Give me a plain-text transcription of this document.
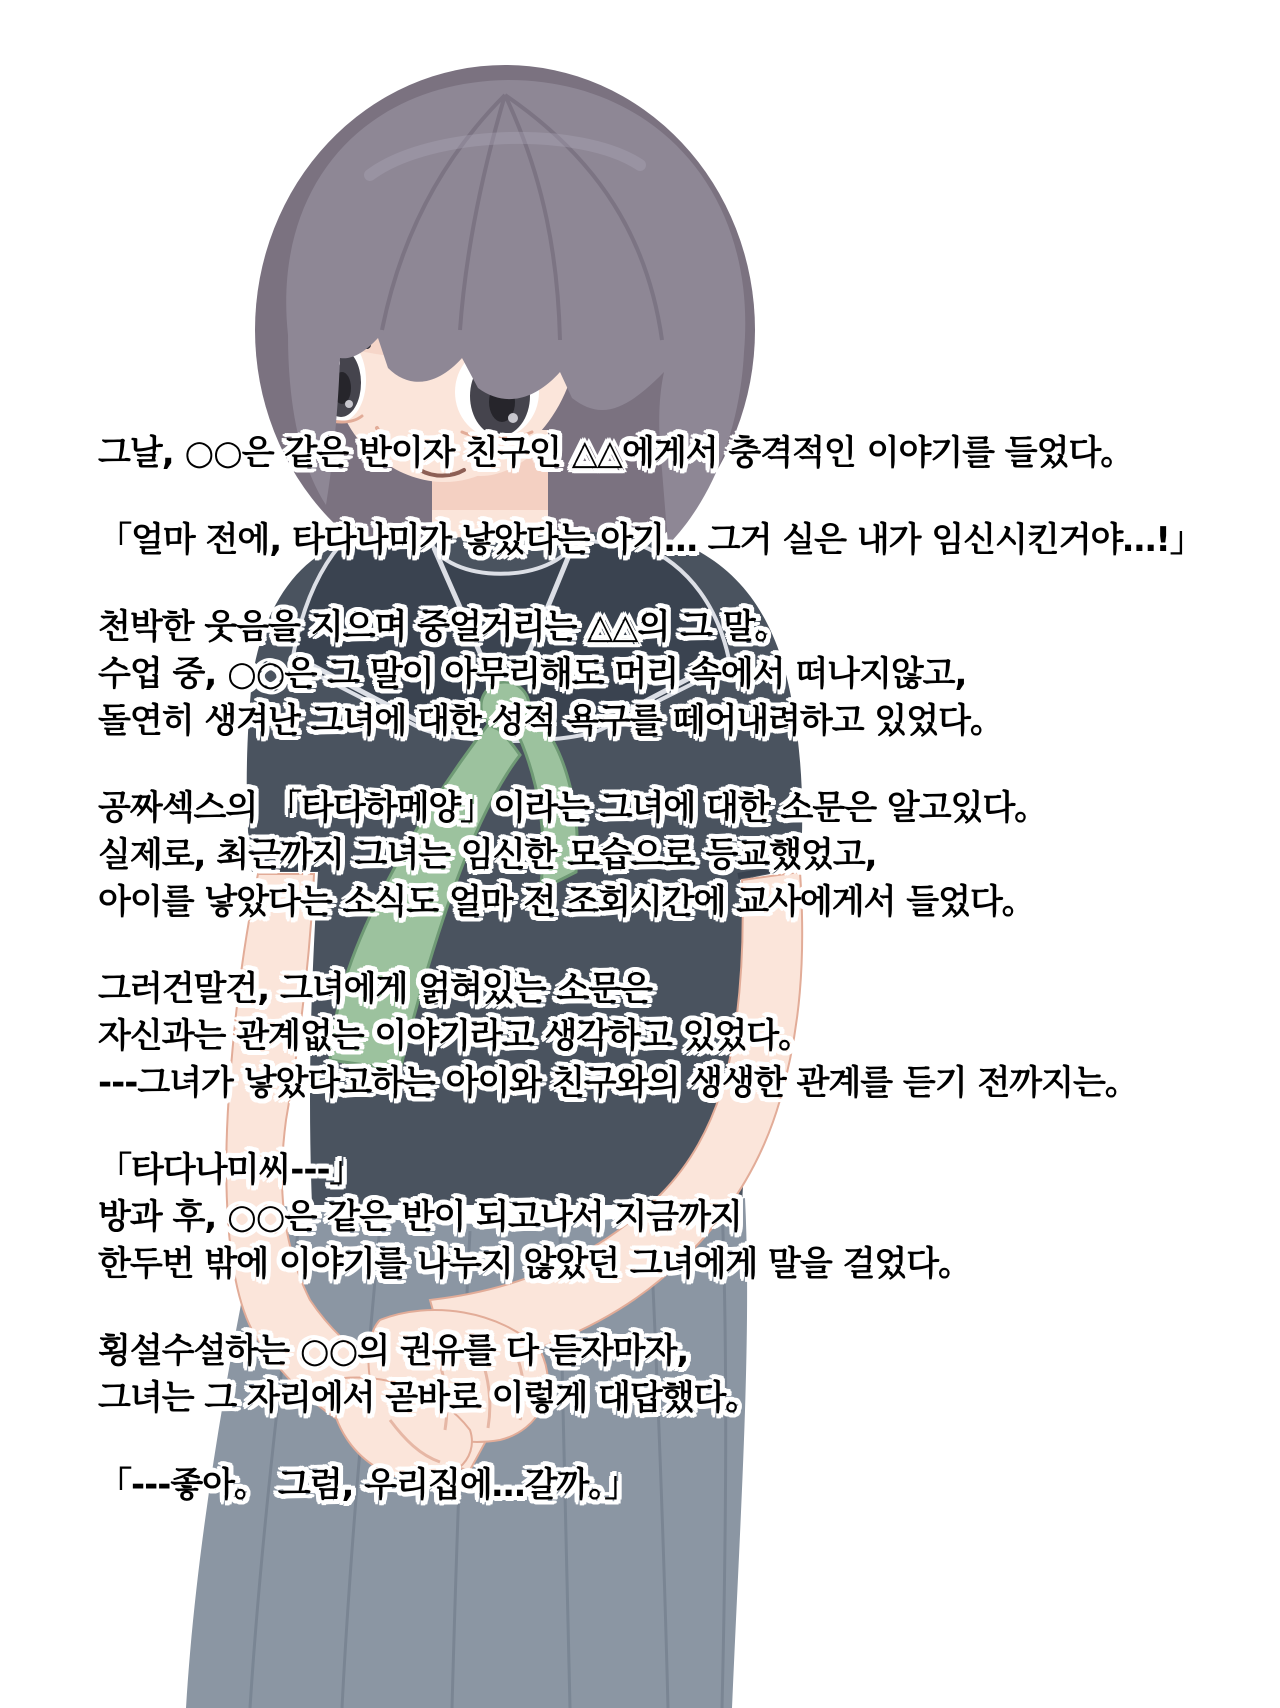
그날, ○○은 같은 반이자 친구인 △△에게서 충격적인 이야기를 들었다。
「얼마 전에, 타다나미가 낳았다는 아기… 그거 실은 내가 임신시킨거야…!」
천박한 웃음을 지으며 중얼거리는 △△의 그 말。
수업 중, ○○은 그 말이 아무리해도 머리 속에서 떠나지않고,
돌연히 생겨난 그녀에 대한 성적 욕구를 떼어내려하고 있었다。
공짜섹스의 「타다하메양」이라는 그녀에 대한 소문은 알고있다。
실제로, 최근까지 그녀는 임신한 모습으로 등교했었고,
아이를 낳았다는 소식도 얼마 전 조회시간에 교사에게서 들었다。
그러건말건, 그녀에게 얽혀있는 소문은
자신과는 관계없는 이야기라고 생각하고 있었다。
---그녀가 낳았다고하는 아이와 친구와의 생생한 관계를 듣기 전까지는。
「타다나미씨---」
방과 후, ○○은 같은 반이 되고나서 지금까지
한두번 밖에 이야기를 나누지 않았던 그녀에게 말을 걸었다。
횡설수설하는 ○○의 권유를 다 듣자마자,
그녀는 그 자리에서 곧바로 이렇게 대답했다。
「---좋아。 그럼, 우리집에…갈까。」
